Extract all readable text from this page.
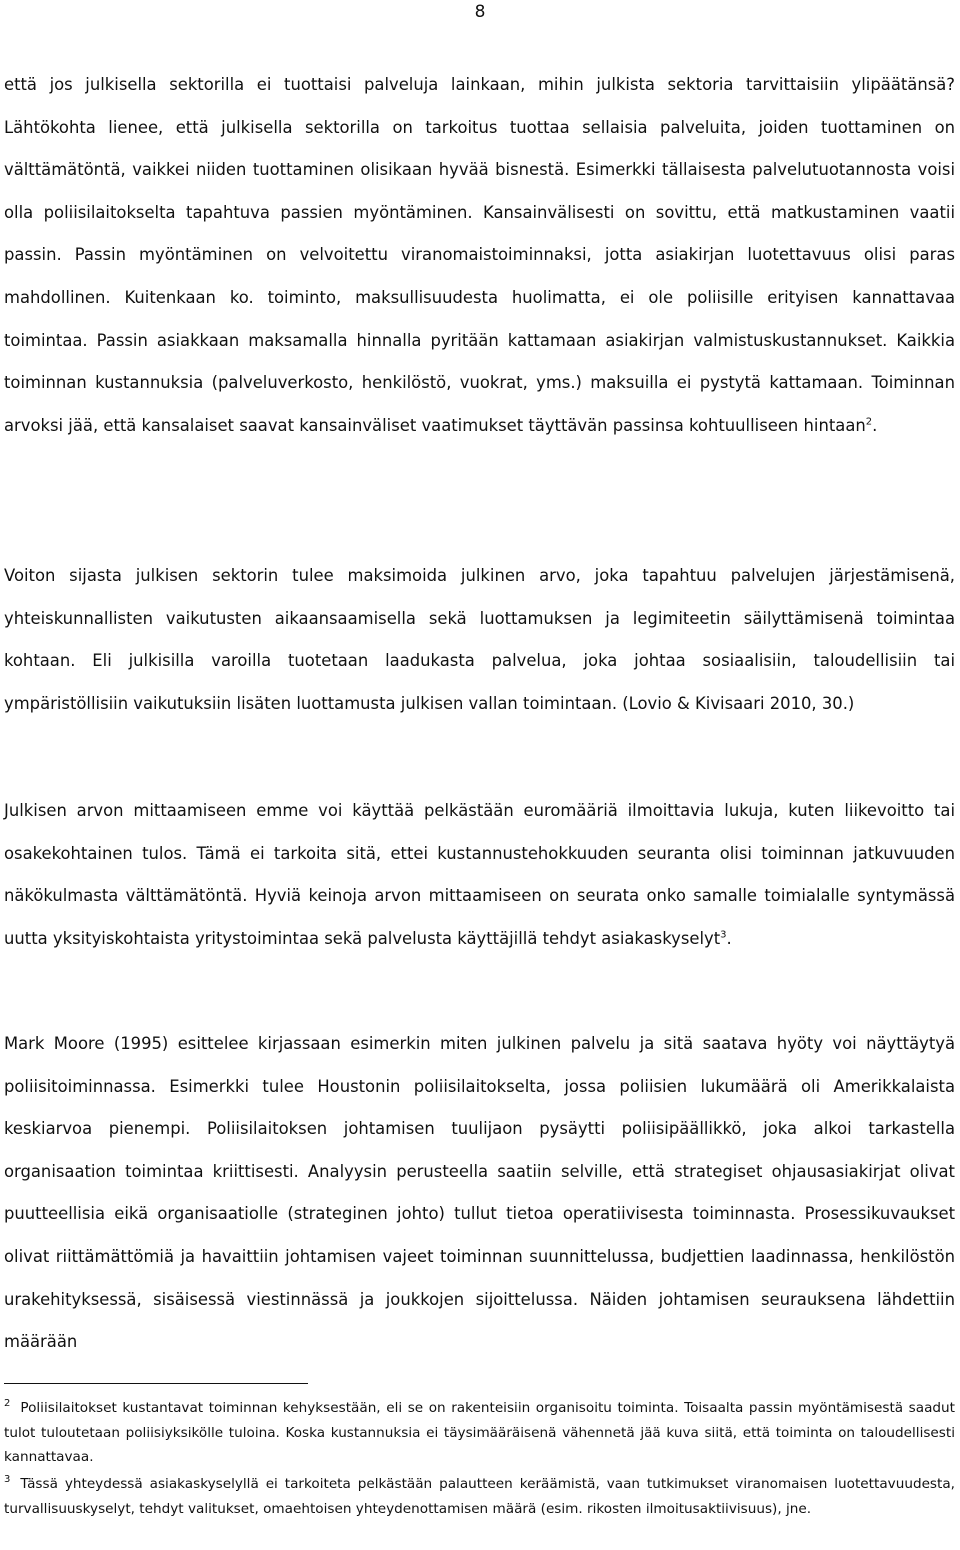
8

että jos julkisella sektorilla ei tuottaisi palveluja lainkaan, mihin julkista sektoria tarvittaisiin ylipäätänsä? Lähtökohta lienee, että julkisella sektorilla on tarkoitus tuottaa sellaisia palveluita, joiden tuottaminen on välttämätöntä, vaikkei niiden tuottaminen olisikaan hyvää bisnestä. Esimerkki tällaisesta palvelutuotannosta voisi olla poliisilaitokselta tapahtuva passien myöntäminen. Kansainvälisesti on sovittu, että matkustaminen vaatii passin. Passin myöntäminen on velvoitettu viranomaistoiminnaksi, jotta asiakirjan luotettavuus olisi paras mahdollinen. Kuitenkaan ko. toiminto, maksullisuudesta huolimatta, ei ole poliisille erityisen kannattavaa toimintaa. Passin asiakkaan maksamalla hinnalla pyritään kattamaan asiakirjan valmistuskustannukset. Kaikkia toiminnan kustannuksia (palveluverkosto, henkilöstö, vuokrat, yms.) maksuilla ei pystytä kattamaan. Toiminnan arvoksi jää, että kansalaiset saavat kansainväliset vaatimukset täyttävän passinsa kohtuulliseen hintaan$^2$.

Voiton sijasta julkisen sektorin tulee maksimoida julkinen arvo, joka tapahtuu palvelujen järjestämisenä, yhteiskunnallisten vaikutusten aikaansaamisella sekä luottamuksen ja legimiteetin säilyttämisenä toimintaa kohtaan. Eli julkisilla varoilla tuotetaan laadukasta palvelua, joka johtaa sosiaalisiin, taloudellisiin tai ympäristöllisiin vaikutuksiin lisäten luottamusta julkisen vallan toimintaan. (Lovio & Kivisaari 2010, 30.)

Julkisen arvon mittaamiseen emme voi käyttää pelkästään euromääriä ilmoittavia lukuja, kuten liikevoitto tai osakekohtainen tulos. Tämä ei tarkoita sitä, ettei kustannustehokkuuden seuranta olisi toiminnan jatkuvuuden näkökulmasta välttämätöntä. Hyviä keinoja arvon mittaamiseen on seurata onko samalle toimialalle syntymässä uutta yksityiskohtaista yritystoimintaa sekä palvelusta käyttäjillä tehdyt asiakaskyselyt$^3$.

Mark Moore (1995) esittelee kirjassaan esimerkin miten julkinen palvelu ja sitä saatava hyöty voi näyttäytyä poliisitoiminnassa. Esimerkki tulee Houstonin poliisilaitokselta, jossa poliisien lukumäärä oli Amerikkalaista keskiarvoa pienempi. Poliisilaitoksen johtamisen tuulijaon pysäytti poliisipäällikkö, joka alkoi tarkastella organisaation toimintaa kriittisesti. Analyysin perusteella saatiin selville, että strategiset ohjausasiakirjat olivat puutteellisia eikä organisaatiolle (strateginen johto) tullut tietoa operatiivisesta toiminnasta. Prosessikuvaukset olivat riittämättömiä ja havaittiin johtamisen vajeet toiminnan suunnittelussa, budjettien laadinnassa, henkilöstön urakehityksessä, sisäisessä viestinnässä ja joukkojen sijoittelussa. Näiden johtamisen seurauksena lähdettiin määrään

$^2$ Poliisilaitokset kustantavat toiminnan kehyksestään, eli se on rakenteisiin organisoitu toiminta. Toisaalta passin myöntämisestä saadut tulot tuloutetaan poliisiyksikölle tuloina. Koska kustannuksia ei täysimääräisenä vähennetä jää kuva siitä, että toiminta on taloudellisesti kannattavaa.

$^3$ Tässä yhteydessä asiakaskyselyllä ei tarkoiteta pelkästään palautteen keräämistä, vaan tutkimukset viranomaisen luotettavuudesta, turvallisuuskyselyt, tehdyt valitukset, omaehtoisen yhteydenottamisen määrä (esim. rikosten ilmoitusaktiivisuus), jne.
